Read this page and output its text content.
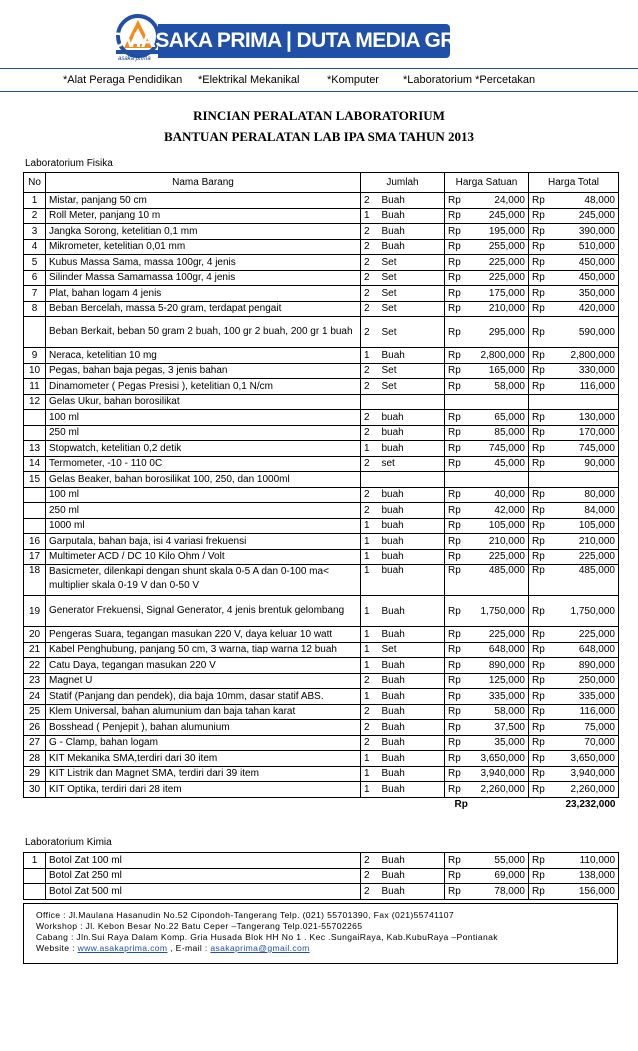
asaka prima
CV.ASAKA PRIMA | DUTA MEDIA GROUP
*Alat Peraga Pendidikan *Elektrikal Mekanikal	*Komputer *Laboratorium *Percetakan
RINCIAN PERALATAN LABORATORIUM
BANTUAN PERALATAN LAB IPA SMA TAHUN 2013
Laboratorium Fisika
No	Nama Barang	Jumlah		Harga Satuan		Harga Total	
1	Mistar, panjang 50 cm	2	Buah	Rp	24,000	Rp	48,000
2	Roll Meter, panjang 10 m	1	Buah	Rp	245,000	Rp	245,000
3	Jangka Sorong, ketelitian 0,1 mm	2	Buah	Rp	195,000	Rp	390,000
4	Mikrometer, ketelitian 0,01 mm	2	Buah	Rp	255,000	Rp	510,000
5	Kubus Massa Sama, massa 100gr, 4 jenis	2	Set	Rp	225,000	Rp	450,000
6	Silinder Massa Samamassa 100gr, 4 jenis	2	Set	Rp	225,000	Rp	450,000
7	Plat, bahan logam 4 jenis	2	Set	Rp	175,000	Rp	350,000
8	Beban Bercelah, massa 5-20 gram, terdapat pengait	2	Set	Rp	210,000	Rp	420,000
	Beban Berkait, beban 50 gram 2 buah, 100 gr 2 buah, 200 gr 1 buah	2	Set	Rp	295,000	Rp	590,000
9	Neraca, ketelitian 10 mg	1	Buah	Rp	2,800,000	Rp	2,800,000
10	Pegas, bahan baja pegas, 3 jenis bahan	2	Set	Rp	165,000	Rp	330,000
11	Dinamometer ( Pegas Presisi ), ketelitian 0,1 N/cm	2	Set	Rp	58,000	Rp	116,000
12	Gelas Ukur, bahan borosilikat						
	100 ml	2	buah	Rp	65,000	Rp	130,000
	250 ml	2	buah	Rp	85,000	Rp	170,000
13	Stopwatch, ketelitian 0,2 detik	1	buah	Rp	745,000	Rp	745,000
14	Termometer, -10 - 110 0C	2	set	Rp	45,000	Rp	90,000
15	Gelas Beaker, bahan borosilikat 100, 250, dan 1000ml						
	100 ml	2	buah	Rp	40,000	Rp	80,000
	250 ml	2	buah	Rp	42,000	Rp	84,000
	1000 ml	1	buah	Rp	105,000	Rp	105,000
16	Garputala, bahan baja, isi 4 variasi frekuensi	1	buah	Rp	210,000	Rp	210,000
17	Multimeter ACD / DC 10 Kilo Ohm / Volt	1	buah	Rp	225,000	Rp	225,000
18	Basicmeter, dilenkapi dengan shunt skala 0-5 A dan 0-100 ma< multiplier skala 0-19 V dan 0-50 V	1	buah	Rp	485,000	Rp	485,000
19	Generator Frekuensi, Signal Generator, 4 jenis brentuk gelombang	1	Buah	Rp	1,750,000	Rp	1,750,000
20	Pengeras Suara, tegangan masukan 220 V, daya keluar 10 watt	1	Buah	Rp	225,000	Rp	225,000
21	Kabel Penghubung, panjang 50 cm, 3 warna, tiap warna 12 buah	1	Set	Rp	648,000	Rp	648,000
22	Catu Daya, tegangan masukan 220 V	1	Buah	Rp	890,000	Rp	890,000
23	Magnet U	2	Buah	Rp	125,000	Rp	250,000
24	Statif (Panjang dan pendek), dia baja 10mm, dasar statif ABS.	1	Buah	Rp	335,000	Rp	335,000
25	Klem Universal, bahan alumunium dan baja tahan karat	2	Buah	Rp	58,000	Rp	116,000
26	Bosshead ( Penjepit ), bahan alumunium	2	Buah	Rp	37,500	Rp	75,000
27	G - Clamp, bahan logam	2	Buah	Rp	35,000	Rp	70,000
28	KIT Mekanika SMA,terdiri dari 30 item	1	Buah	Rp	3,650,000	Rp	3,650,000
29	KIT Listrik dan Magnet SMA, terdiri dari 39 item	1	Buah	Rp	3,940,000	Rp	3,940,000
30	KIT Optika, terdiri dari 28 item	1	Buah	Rp	2,260,000	Rp	2,260,000
				Rp		23,232,000	
Laboratorium Kimia
1	Botol Zat 100 ml	2	Buah	Rp	55,000	Rp	110,000
	Botol Zat 250 ml	2	Buah	Rp	69,000	Rp	138,000
	Botol Zat 500 ml	2	Buah	Rp	78,000	Rp	156,000
Office : Jl.Maulana Hasanudin No.52 Cipondoh-Tangerang Telp. (021) 55701390, Fax (021)55741107
Workshop : Jl. Kebon Besar No.22 Batu Ceper –Tangerang Telp.021-55702265
Cabang : Jln.Sui Raya Dalam Komp. Gria Husada Blok HH No 1 . Kec .SungaiRaya, Kab.KubuRaya –Pontianak
Website : www.asakaprima.com , E-mail : asakaprima@gmail.com
